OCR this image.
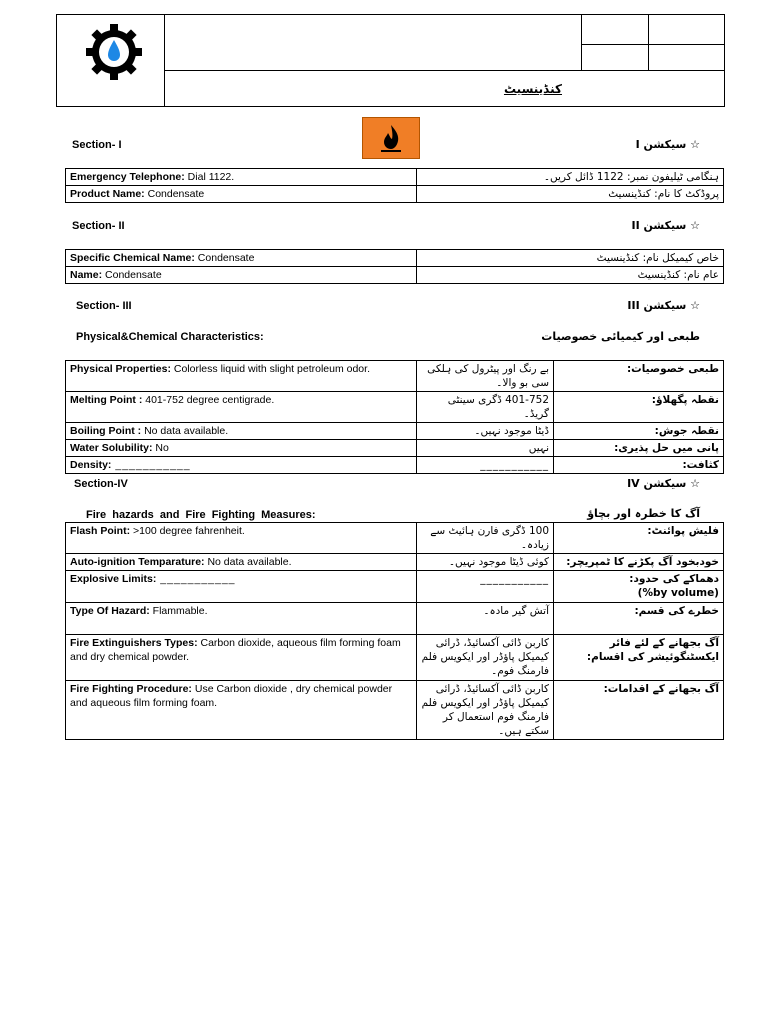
کنڈینسیٹ
Section- I	☆ سیکشن I
Emergency Telephone: Dial 1122.	ہنگامی ٹیلیفون نمبر: 1122 ڈائل کریں۔
Product Name: Condensate	پروڈکٹ کا نام: کنڈینسیٹ
Section- II	☆ سیکشن II
Specific Chemical Name: Condensate	خاص کیمیکل نام: کنڈینسیٹ
Name: Condensate	عام نام: کنڈینسیٹ
Section- III	☆ سیکشن III
Physical&Chemical Characteristics:	طبعی اور کیمیائی خصوصیات
Physical Properties: Colorless liquid with slight petroleum odor.	بے رنگ اور پیٹرول کی ہلکی سی بو والا۔	طبعی خصوصیات:
Melting Point : 401-752 degree centigrade.	401-752 ڈگری سینٹی گریڈ۔	نقطہ پگھلاؤ:
Boiling Point : No data available.	ڈیٹا موجود نہیں۔	نقطہ جوش:
Water Solubility: No	نہیں	پانی میں حل پذیری:
Density: ___________	___________	کثافت:
Section-IV	☆ سیکشن IV
Fire hazards and Fire Fighting Measures:	آگ کا خطرہ اور بچاؤ
Flash Point: >100 degree fahrenheit.	100 ڈگری فارن ہائیٹ سے زیادہ۔	فلیش پوائنٹ:
Auto-ignition Temparature: No data available.	کوئی ڈیٹا موجود نہیں۔	خودبخود آگ پکڑنے کا ٹمپریچر:
Explosive Limits: ___________	___________	دھماکے کی حدود:
(%by volume)

Type Of Hazard: Flammable.	آتش گیر مادہ۔	خطرے کی قسم:
Fire Extinguishers Types: Carbon dioxide, aqueous film forming foam and dry chemical powder.	کاربن ڈائی آکسائیڈ، ڈرائی کیمیکل پاؤڈر اور ایکویس فلم فارمنگ فوم۔	آگ بجھانے کے لئے فائر ایکسٹنگوئیشر کی اقسام:
Fire Fighting Procedure: Use Carbon dioxide , dry chemical powder and aqueous film forming foam.	کاربن ڈائی آکسائیڈ، ڈرائی کیمیکل پاؤڈر اور ایکویس فلم فارمنگ فوم استعمال کر سکتے ہیں۔	آگ بجھانے کے اقدامات:
